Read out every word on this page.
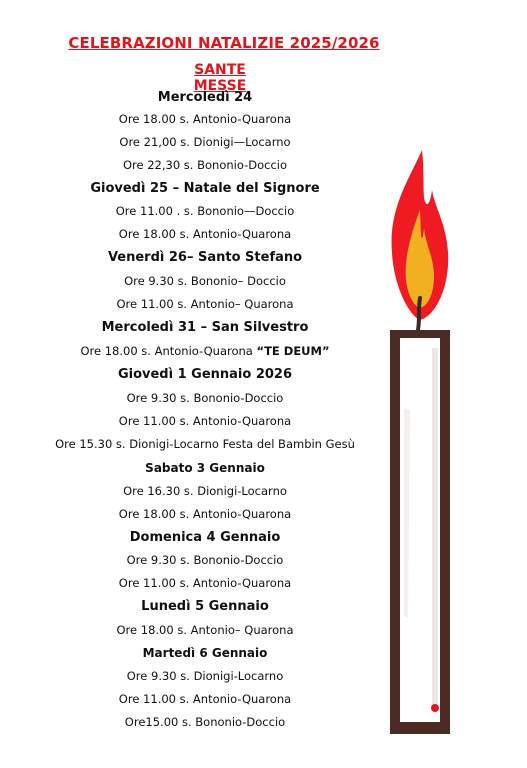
CELEBRAZIONI NATALIZIE 2025/2026
SANTE MESSE
Mercoledì 24
Ore 18.00 s. Antonio-Quarona
Ore 21,00 s. Dionigi—Locarno
Ore 22,30 s. Bononio-Doccio
Giovedì 25 – Natale del Signore
Ore 11.00 . s. Bononio—Doccio
Ore 18.00 s. Antonio-Quarona
Venerdì 26– Santo Stefano
Ore 9.30 s. Bononio– Doccio
Ore 11.00 s. Antonio– Quarona
Mercoledì 31 – San Silvestro
Ore 18.00 s. Antonio-Quarona “TE DEUM”
Giovedì 1 Gennaio 2026
Ore 9.30 s. Bononio-Doccio
Ore 11.00 s. Antonio-Quarona
Ore 15.30 s. Dionigi-Locarno Festa del Bambin Gesù
Sabato 3 Gennaio
Ore 16.30 s. Dionigi-Locarno
Ore 18.00 s. Antonio-Quarona
Domenica 4 Gennaio
Ore 9.30 s. Bononio-Doccio
Ore 11.00 s. Antonio-Quarona
Lunedì 5 Gennaio
Ore 18.00 s. Antonio– Quarona
Martedì 6 Gennaio
Ore 9.30 s. Dionigi-Locarno
Ore 11.00 s. Antonio-Quarona
Ore15.00 s. Bononio-Doccio
